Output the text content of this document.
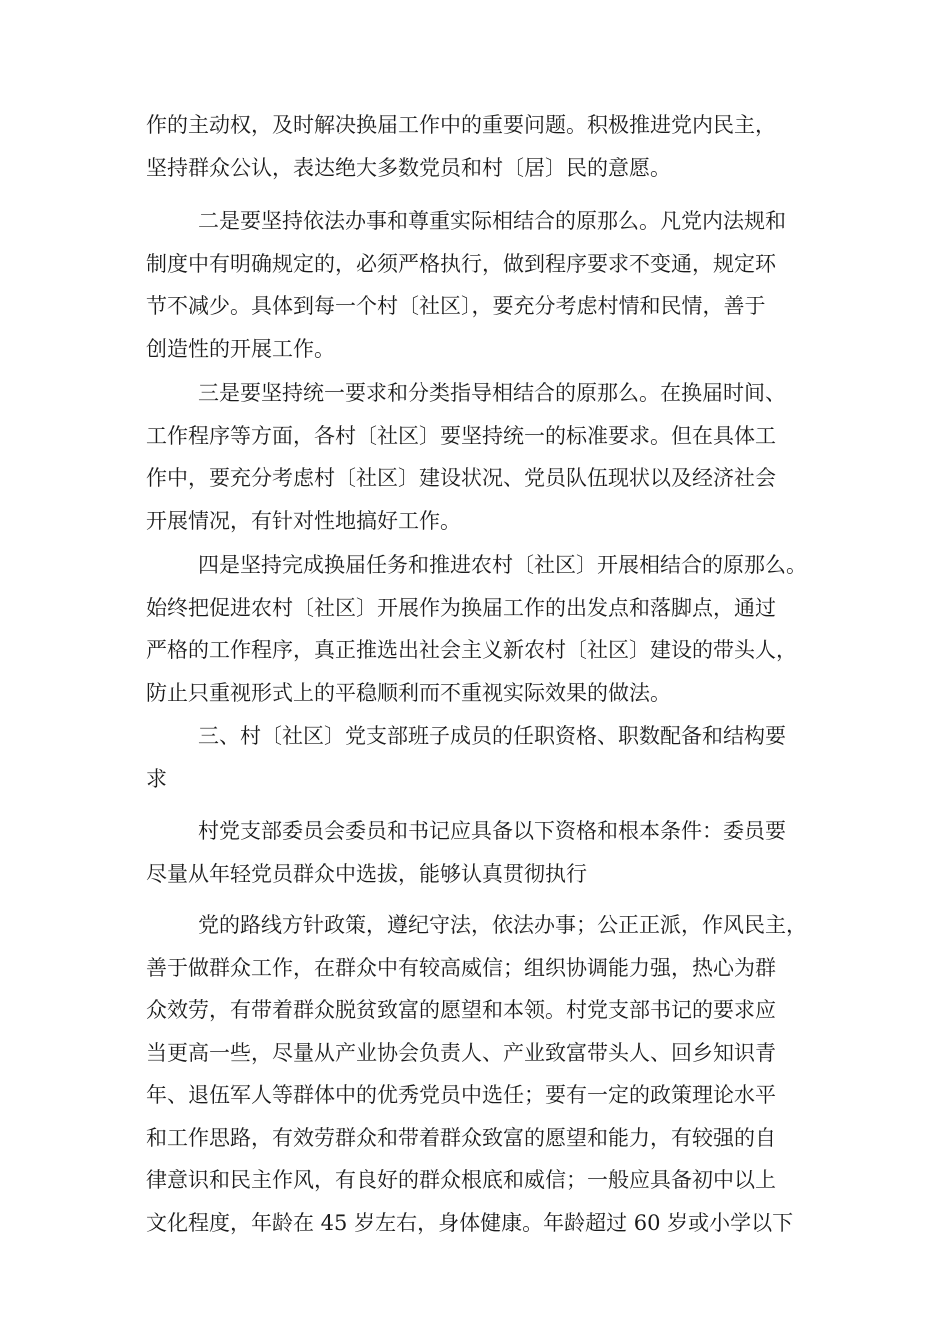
作的主动权，及时解决换届工作中的重要问题。积极推进党内民主，
坚持群众公认，表达绝大多数党员和村〔居〕民的意愿。
二是要坚持依法办事和尊重实际相结合的原那么。凡党内法规和
制度中有明确规定的，必须严格执行，做到程序要求不变通，规定环
节不减少。具体到每一个村〔社区〕，要充分考虑村情和民情，善于
创造性的开展工作。
三是要坚持统一要求和分类指导相结合的原那么。在换届时间、
工作程序等方面，各村〔社区〕要坚持统一的标准要求。但在具体工
作中，要充分考虑村〔社区〕建设状况、党员队伍现状以及经济社会
开展情况，有针对性地搞好工作。
四是坚持完成换届任务和推进农村〔社区〕开展相结合的原那么。
始终把促进农村〔社区〕开展作为换届工作的出发点和落脚点，通过
严格的工作程序，真正推选出社会主义新农村〔社区〕建设的带头人，
防止只重视形式上的平稳顺利而不重视实际效果的做法。
三、村〔社区〕党支部班子成员的任职资格、职数配备和结构要
求
村党支部委员会委员和书记应具备以下资格和根本条件：委员要
尽量从年轻党员群众中选拔，能够认真贯彻执行
党的路线方针政策，遵纪守法，依法办事；公正正派，作风民主，
善于做群众工作，在群众中有较高威信；组织协调能力强，热心为群
众效劳，有带着群众脱贫致富的愿望和本领。村党支部书记的要求应
当更高一些，尽量从产业协会负责人、产业致富带头人、回乡知识青
年、退伍军人等群体中的优秀党员中选任；要有一定的政策理论水平
和工作思路，有效劳群众和带着群众致富的愿望和能力，有较强的自
律意识和民主作风，有良好的群众根底和威信；一般应具备初中以上
文化程度，年龄在 45 岁左右，身体健康。年龄超过 60 岁或小学以下
